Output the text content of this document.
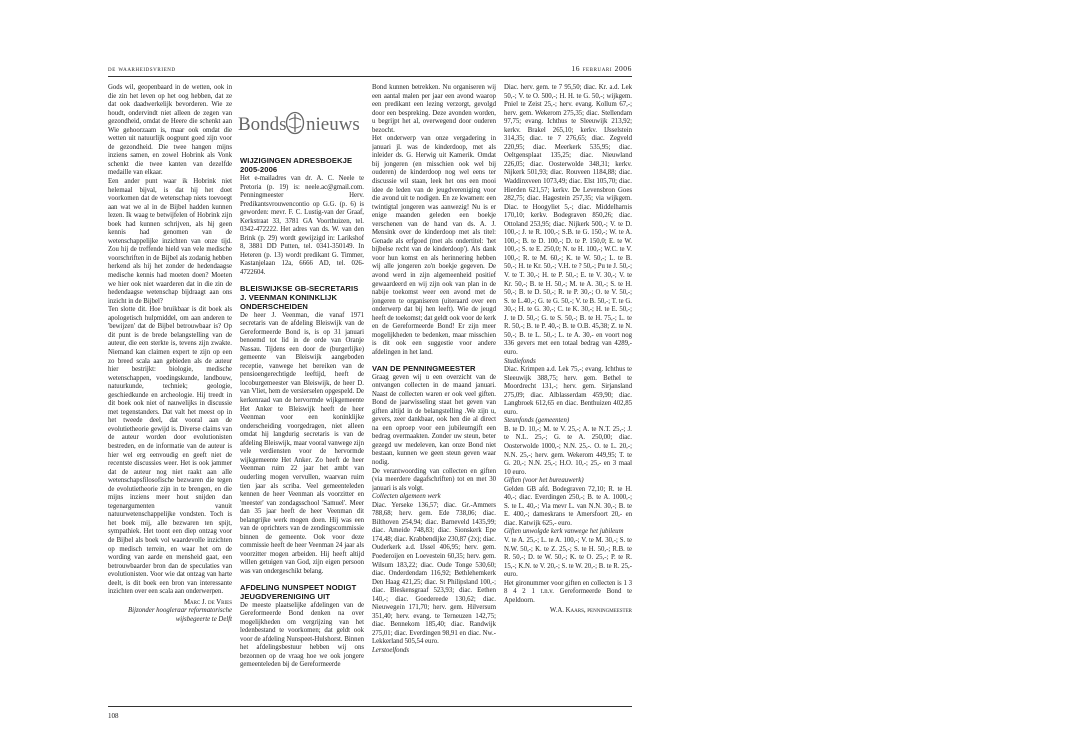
de waarheidsvriend	16 februari 2006

Gods wil, geopenbaard in de wetten, ook in die zin het leven op het oog hebben, dat ze dat ook daadwerkelijk bevorderen. Wie ze houdt, ondervindt niet alleen de zegen van gezondheid, omdat de Heere die schenkt aan Wie gehoorzaam is, maar ook omdat die wetten uit natuurlijk oogpunt goed zijn voor de gezondheid. Die twee hangen mijns inziens samen, en zowel Hobrink als Vonk schenkt die twee kanten van dezelfde medaille van elkaar.

Een ander punt waar ik Hobrink niet helemaal bijval, is dat hij het doet voorkomen dat de wetenschap niets toevoegt aan wat we al in de Bijbel hadden kunnen lezen. Ik waag te betwijfelen of Hobrink zijn boek had kunnen schrijven, als hij geen kennis had genomen van de wetenschappelijke inzichten van onze tijd. Zou hij de treffende hield van vele medische voorschriften in de Bijbel als zodanig hebben herkend als hij het zonder de hedendaagse medische kennis had moeten doen? Moeten we hier ook niet waarderen dat in die zin de hedendaagse wetenschap bijdraagt aan ons inzicht in de Bijbel?

Ten slotte dit. Hoe bruikbaar is dit boek als apologetisch hulpmiddel, om aan anderen te 'bewijzen' dat de Bijbel betrouwbaar is? Op dit punt is de brede belangstelling van de auteur, die een sterkte is, tevens zijn zwakte. Niemand kan claimen expert te zijn op een zo breed scala aan gebieden als de auteur hier bestrijkt: biologie, medische wetenschappen, voedingskunde, landbouw, natuurkunde, techniek; geologie, geschiedkunde en archeologie. Hij treedt in dit boek ook niet of nauwelijks in discussie met tegenstanders. Dat valt het meest op in het tweede deel, dat vooral aan de evolutietheorie gewijd is. Diverse claims van de auteur worden door evolutionisten bestreden, en de informatie van de auteur is hier wel erg eenvoudig en geeft niet de recentste discussies weer. Het is ook jammer dat de auteur nog niet raakt aan alle wetenschapsfilosofische bezwaren die tegen de evolutietheorie zijn in te brengen, en die mijns inziens meer hout snijden dan tegenargumenten vanuit natuurwetenschappelijke vondsten. Toch is het boek mij, alle bezwaren ten spijt, sympathiek. Het toont een diep ontzag voor de Bijbel als boek vol waardevolle inzichten op medisch terrein, en waar het om de wording van aarde en mensheid gaat, een betrouwbaarder bron dan de speculaties van evolutionisten. Voor wie dat ontzag van harte deelt, is dit boek een bron van interessante inzichten over een scala aan onderwerpen.

Marc J. de Vries

Bijzonder hoogleraar reformatorische wijsbegeerte te Delft

Bonds nieuws
WIJZIGINGEN ADRESBOEKJE 2005-2006

Het e-mailadres van dr. A. C. Neele te Pretoria (p. 19) is: neele.ac@gmail.com. Penningmeester Herv. Predikantsvrouwencontio op G.G. (p. 6) is geworden: mevr. F. C. Lustig-van der Graaf, Kerkstraat 33, 3781 GA Voorthuizen, tel. 0342-472222. Het adres van ds. W. van den Brink (p. 29) wordt gewijzigd in: Larikshof 8, 3881 DD Putten, tel. 0341-350149. In Heteren (p. 13) wordt predikant G. Timmer, Kastanjelaan 12a, 6666 AD, tel. 026-4722604.

BLEISWIJKSE GB-SECRETARIS J. VEENMAN KONINKLIJK ONDERSCHEIDEN

De heer J. Veenman, die vanaf 1971 secretaris van de afdeling Bleiswijk van de Gereformeerde Bond is, is op 31 januari benoemd tot lid in de orde van Oranje Nassau. Tijdens een door de (burgerlijke) gemeente van Bleiswijk aangeboden receptie, vanwege het bereiken van de pensioengerechtigde leeftijd, heeft de locoburgemeester van Bleiswijk, de heer D. van Vliet, hem de versierselen opgespeld. De kerkenraad van de hervormde wijkgemeente Het Anker te Bleiswijk heeft de heer Veenman voor een koninklijke onderscheiding voorgedragen, niet alleen omdat hij langdurig secretaris is van de afdeling Bleiswijk, maar vooral vanwege zijn vele verdiensten voor de hervormde wijkgemeente Het Anker. Zo heeft de heer Veenman ruim 22 jaar het ambt van ouderling mogen vervullen, waarvan ruim tien jaar als scriba. Veel gemeenteleden kennen de heer Veenman als voorzitter en 'meester' van zondagsschool 'Samuel'. Meer dan 35 jaar heeft de heer Veenman dit belangrijke werk mogen doen. Hij was een van de oprichters van de zendingscommissie binnen de gemeente. Ook voor deze commissie heeft de heer Veenman 24 jaar als voorzitter mogen arbeiden. Hij heeft altijd willen getuigen van God, zijn eigen persoon was van ondergeschikt belang.

AFDELING NUNSPEET NODIGT JEUGDVERENIGING UIT

De meeste plaatselijke afdelingen van de Gereformeerde Bond denken na over mogelijkheden om vergrijzing van het ledenbestand te voorkomen; dat geldt ook voor de afdeling Nunspeet-Hulshorst. Binnen het afdelingsbestuur hebben wij ons bezonnen op de vraag hoe we ook jongere gemeenteleden bij de Gereformeerde

Bond kunnen betrekken. Nu organiseren wij een aantal malen per jaar een avond waarop een predikant een lezing verzorgt, gevolgd door een bespreking. Deze avonden worden, u begrijpt het al, overwegend door ouderen bezocht.

Het onderwerp van onze vergadering in januari jl. was de kinderdoop, met als inleider ds. G. Herwig uit Kamerik. Omdat bij jongeren (en misschien ook wel bij ouderen) de kinderdoop nog wel eens ter discussie wil staan, leek het ons een mooi idee de leden van de jeugdvereniging voor die avond uit te nodigen. En ze kwamen: een twintigtal jongeren was aanwezig! Nu is er enige maanden geleden een boekje verschenen van de hand van ds. A. J. Mensink over de kinderdoop met als titel: Genade als erfgoed (met als ondertitel: 'het bijbelse recht van de kinderdoop'). Als dank voor hun komst en als herinnering hebben wij alle jongeren zo'n boekje gegeven. De avond werd in zijn algemeenheid positief gewaardeerd en wij zijn ook van plan in de nabije toekomst weer een avond met de jongeren te organiseren (uiteraard over een onderwerp dat bij hen leeft). Wie de jeugd heeft de toekomst; dat geldt ook voor de kerk en de Gereformeerde Bond! Er zijn meer mogelijkheden te bedenken, maar misschien is dit ook een suggestie voor andere afdelingen in het land.

VAN DE PENNINGMEESTER

Graag geven wij u een overzicht van de ontvangen collecten in de maand januari. Naast de collecten waren er ook veel giften. Bond de jaarwisseling staat het geven van giften altijd in de belangstelling .We zijn u, gevers, zeer dankbaar, ook hen die al direct na een oproep voor een jubileumgift een bedrag overmaakten. Zonder uw steun, beter gezegd uw medeleven, kan onze Bond niet bestaan, kunnen we geen steun geven waar nodig.

De verantwoording van collecten en giften (via meerdere dagafschriften) tot en met 30 januari is als volgt.

Collecten algemeen werk

Diac. Yerseke 136,57; diac. Gr.-Ammers 788,68; herv. gem. Ede 738,06; diac. Bilthoven 254,94; diac. Barneveld 1435,99; diac. Ameide 748,83; diac. Sionskerk Epe 174,48; diac. Krabbendijke 230,87 (2x); diac. Ouderkerk a.d. IJssel 406,95; herv. gem. Poederoijen en Loevestein 60,35; herv. gem. Wilsum 183,22; diac. Oude Tonge 530,60; diac. Onderdendam 116,92; Bethlehemkerk Den Haag 421,25; diac. St Philipsland 100,-; diac. Bleskensgraaf 523,93; diac. Eethen 140,-; diac. Goedereede 130,62; diac. Nieuwegein 171,70; herv. gem. Hilversum 351,40; herv. evang. te Terneuzen 142,75; diac. Bennekom 185,40; diac. Randwijk 275,01; diac. Everdingen 98,91 en diac. Nw.-Lekkerland 505,54 euro.

Lerstoelfonds

Diac. herv. gem. te 7 95,50; diac. Kr. a.d. Lek 50,-; V. te O. 500,-; H. H. te G. 50,-; wijkgem. Pniel te Zeist 25,-; herv. evang. Kollum 67,-; herv. gem. Wekerom 275,35; diac. Stellendam 97,75; evang. Ichthus te Sleeuwijk 213,92; kerkv. Brakel 265,10; kerkv. IJsselstein 314,35; diac. te 7 276,65; diac. Zegveld 220,95; diac. Meerkerk 535,95; diac. Oeltgensplaat 135,25; diac. Nieuwland 226,05; diac. Oosterwolde 348,31; kerkv. Nijkerk 501,93; diac. Rouveen 1184,88; diac. Waddinxveen 1073,49; diac. Elst 105,70; diac. Hierden 621,57; kerkv. De Levensbron Goes 282,75; diac. Hagestein 257,35; via wijkgem. Diac. te Hoogyliet 5,-; diac. Middelharnis 170,10; kerkv. Bodegraven 850,26; diac. Ottoland 253,95; diac. Nijkerk 500,-; V. te D. 100,-; J. te R. 100,-; S.B. te G. 150,-; W. te A. 100,-; B. te D. 100,-; D. te P. 150,0; E. te W. 100,-; S. te E. 250,0; N. te H. 100,-; W.C. te V. 100,-; R. te M. 60,-; K. te W. 50,-; L. te B. 50,-; H. te Kr. 50,-; V.H. te ? 50,-; Pu te J. 50,-; V. te T. 30,-; H. te P. 50,-; E. te V. 30,-; V. te Kr. 50,-; B. te H. 50,-; M. te A. 30,-; S. te H. 50,-; B. te D. 50,-; R. te P. 30,-; O. te V. 50,-; S. te L.40,-; G. te G. 50,-; V. te B. 50,-; T. te G. 30,-; H. te G. 30,-; C. te K. 30,-; H. te E. 50,-; J. te D. 50,-; G. te S. 50,-; B. te H. 75,-; L. te R. 50,-; B. te P. 40,-; B. te O.B. 45,38; Z. te N. 50,-; B. te L. 50,-; L. te A. 30,- en voort nog 336 gevers met een totaal bedrag van 4289,- euro.

Studiefonds

Diac. Krimpen a.d. Lek 75,-; evang. Ichthus te Sleeuwijk 388,75; herv. gem. Bethel te Moordrecht 131,-; herv. gem. Sirjansland 275,09; diac. Alblasserdam 459,90; diac. Langbroek 612,65 en diac. Benthuizen 402,85 euro.

Steunfonds (gemeenten)

B. te D. 10,-; M. te V. 25,-; A. te N.T. 25,-; J. te N.L. 25,-; G. te A. 250,00; diac. Oosterwolde 1000,-; N.N. 25,-. O. te L. 20,-; N.N. 25,-; herv. gem. Wekerom 449,95; T. te G. 20,-; N.N. 25,-; H.O. 10,-; 25,- en 3 maal 10 euro.

Giften (voor het bureauwerk)

Gelden GB afd. Bodegraven 72,10; R. te H. 40,-; diac. Everdingen 250,-; B. te A. 1000,-; S. te L. 40,-; Via mevr L. van N.N. 30,-; B. te E. 400,-; dameskrans te Amersfoort 20,- en diac. Katwijk 625,- euro.

Giften unwolgde kerk vanwege het jubileum

V. te A. 25,-; L. te A. 100,-; V. te M. 30,-; S. te N.W. 50,-; K. te Z. 25,-; S. te H. 50,-; R.B. te R. 50,-; D. te W. 50,-; K. te O. 25,-; P. te R. 15,-; K.N. te V. 20,-; S. te W. 20,-; B. te R. 25,- euro.

Het gironummer voor giften en collecten is 1 3 8 4 2 1 t.n.v. Gereformeerde Bond te Apeldoorn.

W.A. Kaars, penningmeester

108
